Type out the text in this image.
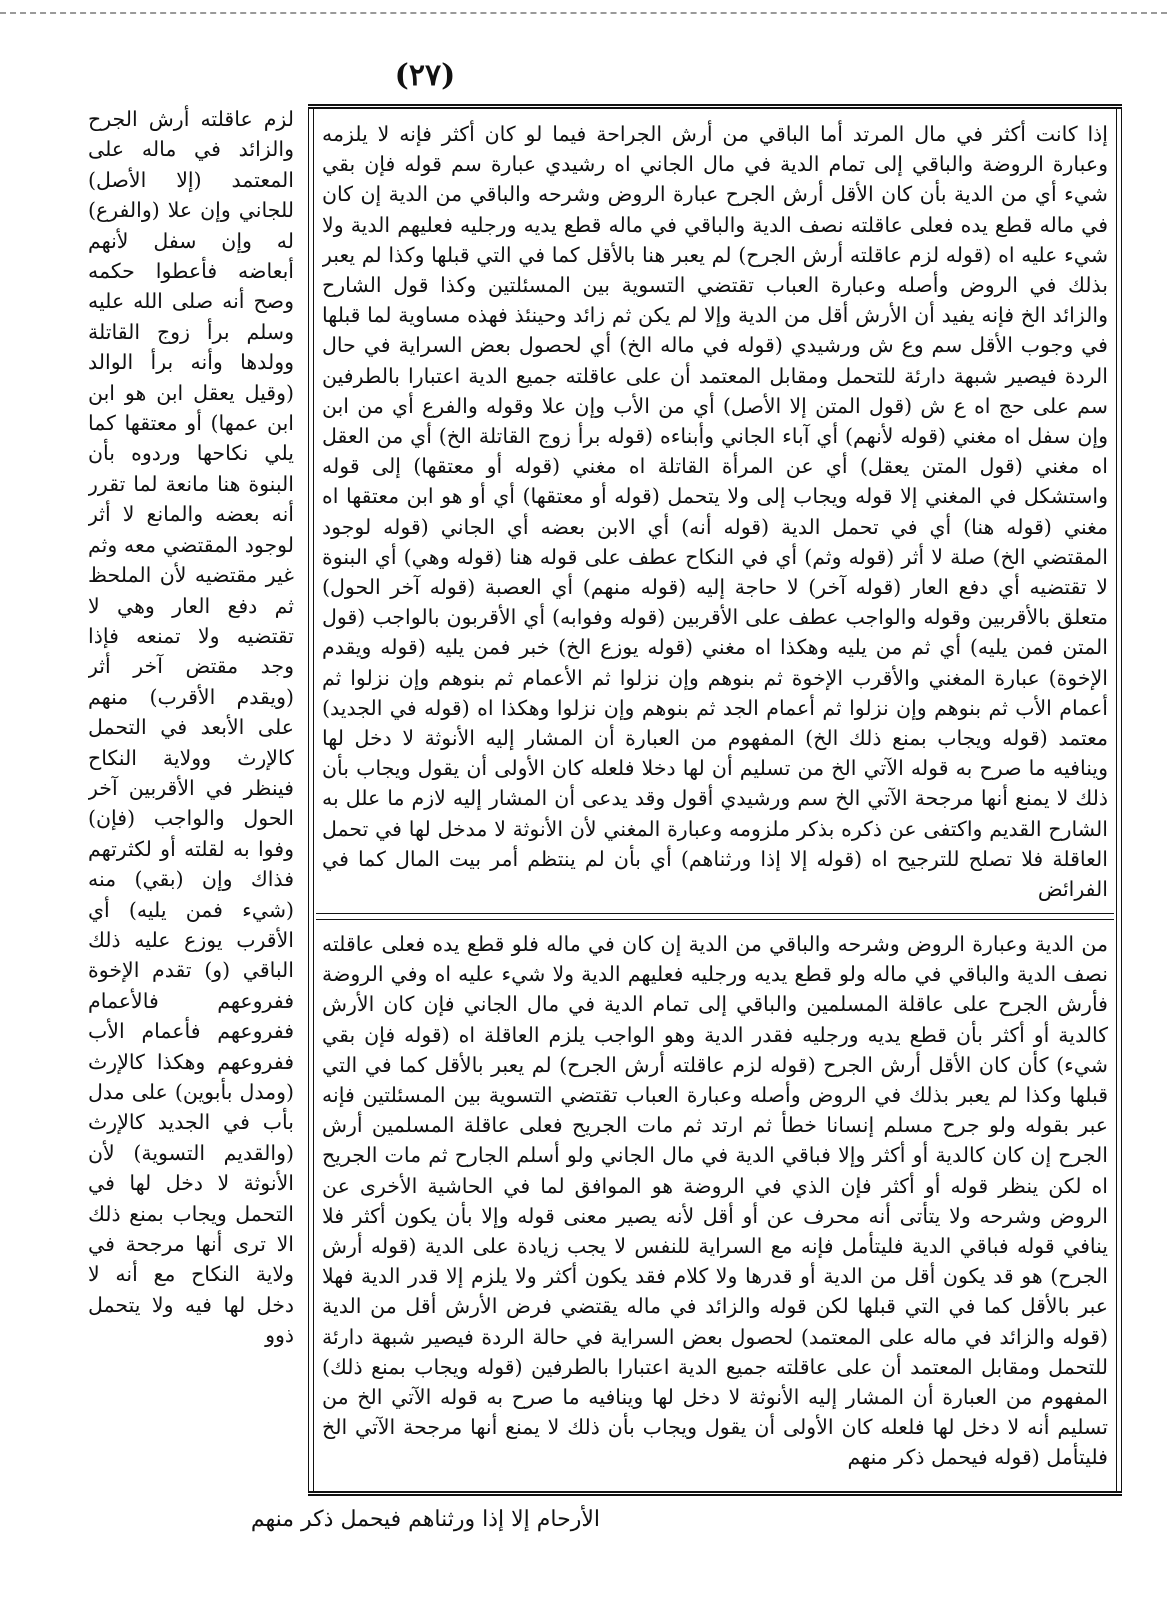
(٢٧)

إذا كانت أكثر في مال المرتد أما الباقي من أرش الجراحة فيما لو كان أكثر فإنه لا يلزمه وعبارة الروضة والباقي إلى تمام الدية في مال الجاني اه رشيدي عبارة سم قوله فإن بقي شيء أي من الدية بأن كان الأقل أرش الجرح عبارة الروض وشرحه والباقي من الدية إن كان في ماله قطع يده فعلى عاقلته نصف الدية والباقي في ماله قطع يديه ورجليه فعليهم الدية ولا شيء عليه اه (قوله لزم عاقلته أرش الجرح) لم يعبر هنا بالأقل كما في التي قبلها وكذا لم يعبر بذلك في الروض وأصله وعبارة العباب تقتضي التسوية بين المسئلتين وكذا قول الشارح والزائد الخ فإنه يفيد أن الأرش أقل من الدية وإلا لم يكن ثم زائد وحينئذ فهذه مساوية لما قبلها في وجوب الأقل سم وع ش ورشيدي (قوله في ماله الخ) أي لحصول بعض السراية في حال الردة فيصير شبهة دارئة للتحمل ومقابل المعتمد أن على عاقلته جميع الدية اعتبارا بالطرفين سم على حج اه ع ش (قول المتن إلا الأصل) أي من الأب وإن علا وقوله والفرع أي من ابن وإن سفل اه مغني (قوله لأنهم) أي آباء الجاني وأبناءه (قوله برأ زوج القاتلة الخ) أي من العقل اه مغني (قول المتن يعقل) أي عن المرأة القاتلة اه مغني (قوله أو معتقها) إلى قوله واستشكل في المغني إلا قوله ويجاب إلى ولا يتحمل (قوله أو معتقها) أي أو هو ابن معتقها اه مغني (قوله هنا) أي في تحمل الدية (قوله أنه) أي الابن بعضه أي الجاني (قوله لوجود المقتضي الخ) صلة لا أثر (قوله وثم) أي في النكاح عطف على قوله هنا (قوله وهي) أي البنوة لا تقتضيه أي دفع العار (قوله آخر) لا حاجة إليه (قوله منهم) أي العصبة (قوله آخر الحول) متعلق بالأقربين وقوله والواجب عطف على الأقربين (قوله وفوابه) أي الأقربون بالواجب (قول المتن فمن يليه) أي ثم من يليه وهكذا اه مغني (قوله يوزع الخ) خبر فمن يليه (قوله ويقدم الإخوة) عبارة المغني والأقرب الإخوة ثم بنوهم وإن نزلوا ثم الأعمام ثم بنوهم وإن نزلوا ثم أعمام الأب ثم بنوهم وإن نزلوا ثم أعمام الجد ثم بنوهم وإن نزلوا وهكذا اه (قوله في الجديد) معتمد (قوله ويجاب بمنع ذلك الخ) المفهوم من العبارة أن المشار إليه الأنوثة لا دخل لها وينافيه ما صرح به قوله الآتي الخ من تسليم أن لها دخلا فلعله كان الأولى أن يقول ويجاب بأن ذلك لا يمنع أنها مرجحة الآتي الخ سم ورشيدي أقول وقد يدعى أن المشار إليه لازم ما علل به الشارح القديم واكتفى عن ذكره بذكر ملزومه وعبارة المغني لأن الأنوثة لا مدخل لها في تحمل العاقلة فلا تصلح للترجيح اه (قوله إلا إذا ورثناهم) أي بأن لم ينتظم أمر بيت المال كما في الفرائض

من الدية وعبارة الروض وشرحه والباقي من الدية إن كان في ماله فلو قطع يده فعلى عاقلته نصف الدية والباقي في ماله ولو قطع يديه ورجليه فعليهم الدية ولا شيء عليه اه وفي الروضة فأرش الجرح على عاقلة المسلمين والباقي إلى تمام الدية في مال الجاني فإن كان الأرش كالدية أو أكثر بأن قطع يديه ورجليه فقدر الدية وهو الواجب يلزم العاقلة اه (قوله فإن بقي شيء) كأن كان الأقل أرش الجرح (قوله لزم عاقلته أرش الجرح) لم يعبر بالأقل كما في التي قبلها وكذا لم يعبر بذلك في الروض وأصله وعبارة العباب تقتضي التسوية بين المسئلتين فإنه عبر بقوله ولو جرح مسلم إنسانا خطأ ثم ارتد ثم مات الجريح فعلى عاقلة المسلمين أرش الجرح إن كان كالدية أو أكثر وإلا فباقي الدية في مال الجاني ولو أسلم الجارح ثم مات الجريح اه لكن ينظر قوله أو أكثر فإن الذي في الروضة هو الموافق لما في الحاشية الأخرى عن الروض وشرحه ولا يتأتى أنه محرف عن أو أقل لأنه يصير معنى قوله وإلا بأن يكون أكثر فلا ينافي قوله فباقي الدية فليتأمل فإنه مع السراية للنفس لا يجب زيادة على الدية (قوله أرش الجرح) هو قد يكون أقل من الدية أو قدرها ولا كلام فقد يكون أكثر ولا يلزم إلا قدر الدية فهلا عبر بالأقل كما في التي قبلها لكن قوله والزائد في ماله يقتضي فرض الأرش أقل من الدية (قوله والزائد في ماله على المعتمد) لحصول بعض السراية في حالة الردة فيصير شبهة دارئة للتحمل ومقابل المعتمد أن على عاقلته جميع الدية اعتبارا بالطرفين (قوله ويجاب بمنع ذلك) المفهوم من العبارة أن المشار إليه الأنوثة لا دخل لها وينافيه ما صرح به قوله الآتي الخ من تسليم أنه لا دخل لها فلعله كان الأولى أن يقول ويجاب بأن ذلك لا يمنع أنها مرجحة الآتي الخ فليتأمل (قوله فيحمل ذكر منهم

لزم عاقلته أرش الجرح والزائد في ماله على المعتمد (إلا الأصل) للجاني وإن علا (والفرع) له وإن سفل لأنهم أبعاضه فأعطوا حكمه وصح أنه صلى الله عليه وسلم برأ زوج القاتلة وولدها وأنه برأ الوالد (وقيل يعقل ابن هو ابن ابن عمها) أو معتقها كما يلي نكاحها وردوه بأن البنوة هنا مانعة لما تقرر أنه بعضه والمانع لا أثر لوجود المقتضي معه وثم غير مقتضيه لأن الملحظ ثم دفع العار وهي لا تقتضيه ولا تمنعه فإذا وجد مقتض آخر أثر (ويقدم الأقرب) منهم على الأبعد في التحمل كالإرث وولاية النكاح فينظر في الأقربين آخر الحول والواجب (فإن) وفوا به لقلته أو لكثرتهم فذاك وإن (بقي) منه (شيء فمن يليه) أي الأقرب يوزع عليه ذلك الباقي (و) تقدم الإخوة ففروعهم فالأعمام ففروعهم فأعمام الأب ففروعهم وهكذا كالإرث (ومدل بأبوين) على مدل بأب في الجديد كالإرث (والقديم التسوية) لأن الأنوثة لا دخل لها في التحمل ويجاب بمنع ذلك الا ترى أنها مرجحة في ولاية النكاح مع أنه لا دخل لها فيه ولا يتحمل ذوو

الأرحام إلا إذا ورثناهم فيحمل ذكر منهم
